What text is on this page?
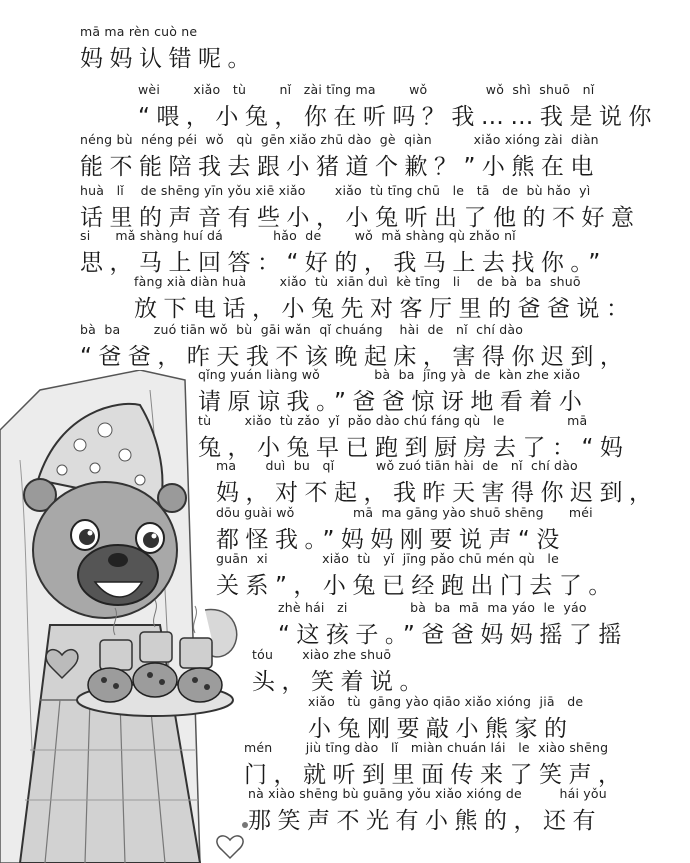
mā ma rèn cuò ne
妈妈认错呢。
wèi        xiǎo   tù        nǐ   zài tīng ma        wǒ              wǒ  shì  shuō   nǐ
“喂，小兔，你在听吗？我……我是说你
néng bù  néng péi  wǒ   qù  gēn xiǎo zhū dào  gè  qiàn          xiǎo xióng zài  diàn
能不能陪我去跟小猪道个歉？”小熊在电
huà   lǐ    de shēng yīn yǒu xiē xiǎo       xiǎo  tù tīng chū   le   tā   de  bù hǎo  yì
话里的声音有些小，小兔听出了他的不好意
si      mǎ shàng huí dá            hǎo  de        wǒ  mǎ shàng qù zhǎo nǐ
思，马上回答：“好的，我马上去找你。”
fàng xià diàn huà        xiǎo  tù  xiān duì  kè tīng   li    de  bà  ba  shuō
放下电话，小兔先对客厅里的爸爸说：
bà  ba        zuó tiān wǒ  bù  gāi wǎn  qǐ chuáng    hài  de   nǐ  chí dào
“爸爸，昨天我不该晚起床，害得你迟到，
qǐng yuán liàng wǒ             bà  ba  jīng yà  de  kàn zhe xiǎo
请原谅我。”爸爸惊讶地看着小
tù        xiǎo  tù zǎo  yǐ  pǎo dào chú fáng qù   le               mā
兔，小兔早已跑到厨房去了：“妈
ma       duì  bu   qǐ          wǒ zuó tiān hài  de   nǐ  chí dào
妈，对不起，我昨天害得你迟到，
dōu guài wǒ              mā  ma gāng yào shuō shēng      méi
都怪我。”妈妈刚要说声“没
guān  xi             xiǎo  tù   yǐ  jīng pǎo chū mén qù   le
关系”，小兔已经跑出门去了。
zhè hái   zi               bà  ba  mā  ma yáo  le  yáo
“这孩子。”爸爸妈妈摇了摇
tóu       xiào zhe shuō
头，笑着说。
xiǎo   tù  gāng yào qiāo xiǎo xióng  jiā   de
小兔刚要敲小熊家的
mén        jiù tīng dào   lǐ   miàn chuán lái   le  xiào shēng
门，就听到里面传来了笑声，
nà xiào shēng bù guāng yǒu xiǎo xióng de         hái yǒu
那笑声不光有小熊的，还有
